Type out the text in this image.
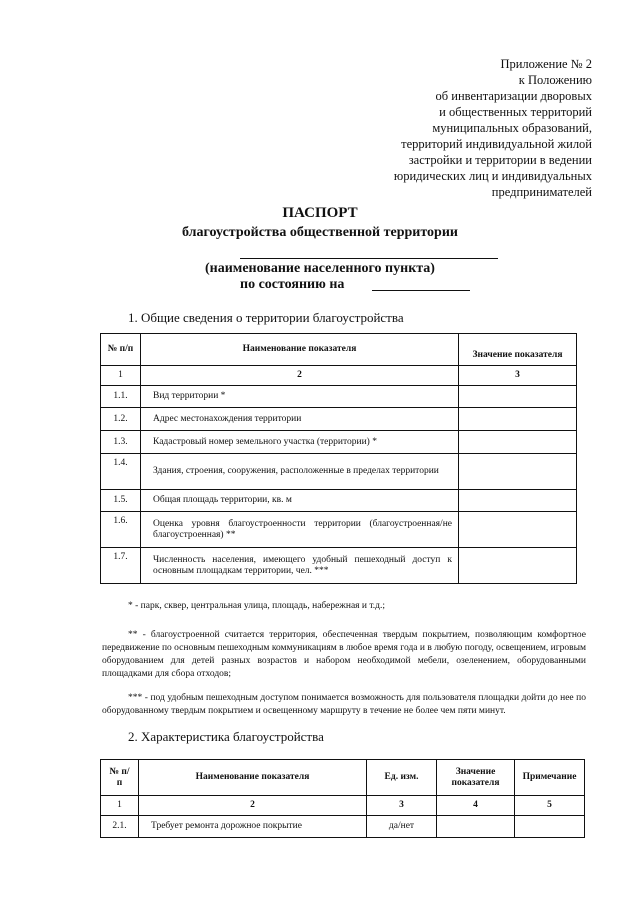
Приложение № 2
к Положению
об инвентаризации дворовых
и общественных территорий
муниципальных образований,
территорий индивидуальной жилой
застройки и территории в ведении
юридических лиц и индивидуальных
предпринимателей
ПАСПОРТ
благоустройства общественной территории
(наименование населенного пункта)
по состоянию на
1. Общие сведения о территории благоустройства
№ п/п	Наименование показателя	Значение показателя
1	2	3
1.1.	Вид территории *	
1.2.	Адрес местонахождения территории	
1.3.	Кадастровый номер земельного участка (территории) *	
1.4.	Здания, строения, сооружения, расположенные в пределах территории	
1.5.	Общая площадь территории, кв. м	
1.6.	Оценка уровня благоустроенности территории (благоустроенная/не благоустроенная) **	
1.7.	Численность населения, имеющего удобный пешеходный доступ к основным площадкам территории, чел. ***	
* - парк, сквер, центральная улица, площадь, набережная и т.д.;
** - благоустроенной считается территория, обеспеченная твердым покрытием, позволяющим комфортное передвижение по основным пешеходным коммуникациям в любое время года и в любую погоду, освещением, игровым оборудованием для детей разных возрастов и набором необходимой мебели, озеленением, оборудованными площадками для сбора отходов;
*** - под удобным пешеходным доступом понимается возможность для пользователя площадки дойти до нее по оборудованному твердым покрытием и освещенному маршруту в течение не более чем пяти минут.
2. Характеристика благоустройства
№ п/п	Наименование показателя	Ед. изм.	Значение показателя	Примечание
1	2	3	4	5
2.1.	Требует ремонта дорожное покрытие	да/нет		
